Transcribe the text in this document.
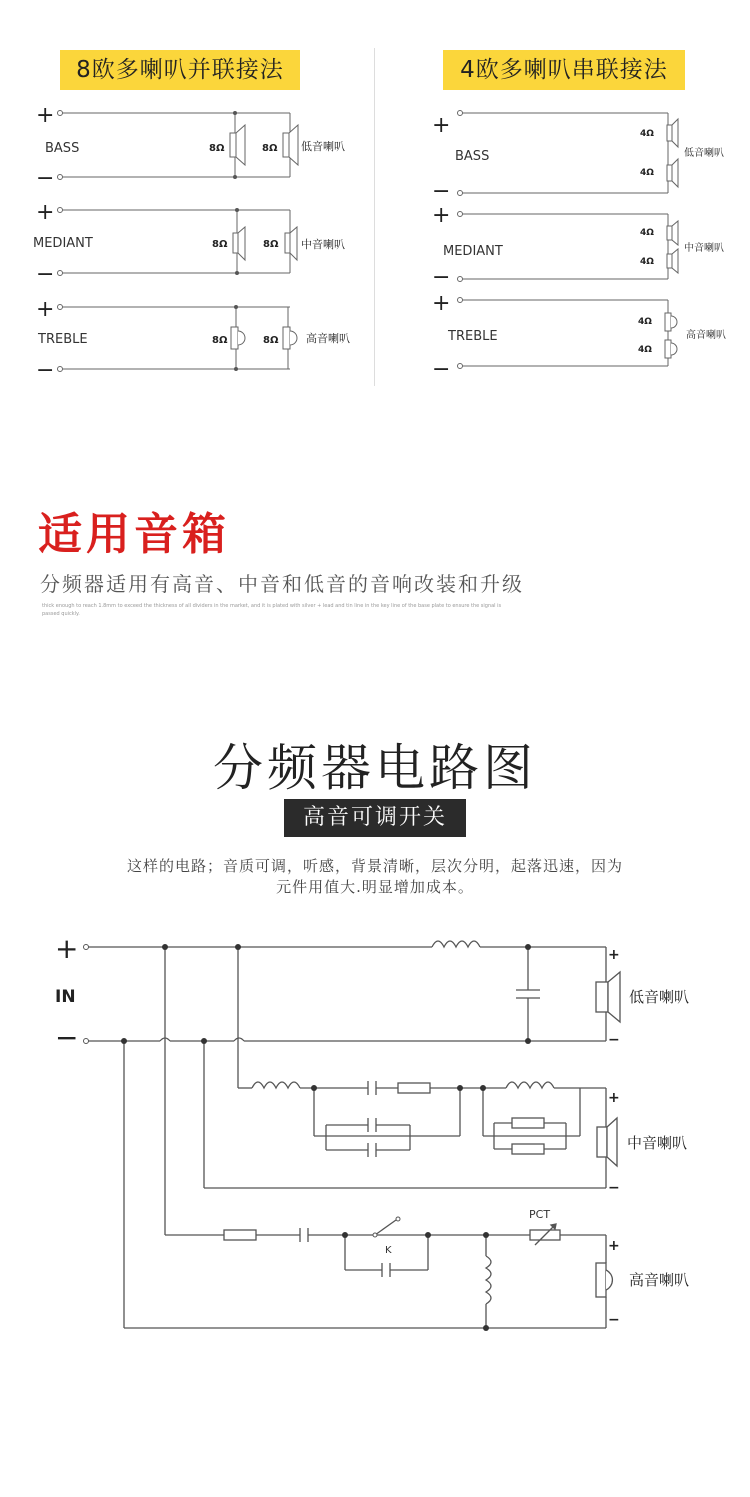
8欧多喇叭并联接法	4欧多喇叭串联接法
+
−
+
−
+
−
BASS
MEDIANT
TREBLE
8Ω	8Ω
8Ω	8Ω
8Ω	8Ω
低音喇叭
中音喇叭
高音喇叭
+
−
+
−
+
−
BASS
MEDIANT
TREBLE
4Ω
4Ω
4Ω
4Ω
4Ω
4Ω
低音喇叭
中音喇叭
高音喇叭
适用音箱
分频器适用有高音、中音和低音的音响改装和升级
thick enough to reach 1.8mm to exceed the thickness of all dividers in the market, and it is plated with silver + lead and tin line in the key line of the base plate to ensure the signal is passed quickly.
分频器电路图
高音可调开关
这样的电路；音质可调，听感，背景清晰，层次分明，起落迅速，因为
元件用值大.明显增加成本。
+
IN
−
K
PCT
低音喇叭
中音喇叭
高音喇叭
+
−
+
−
+
−
